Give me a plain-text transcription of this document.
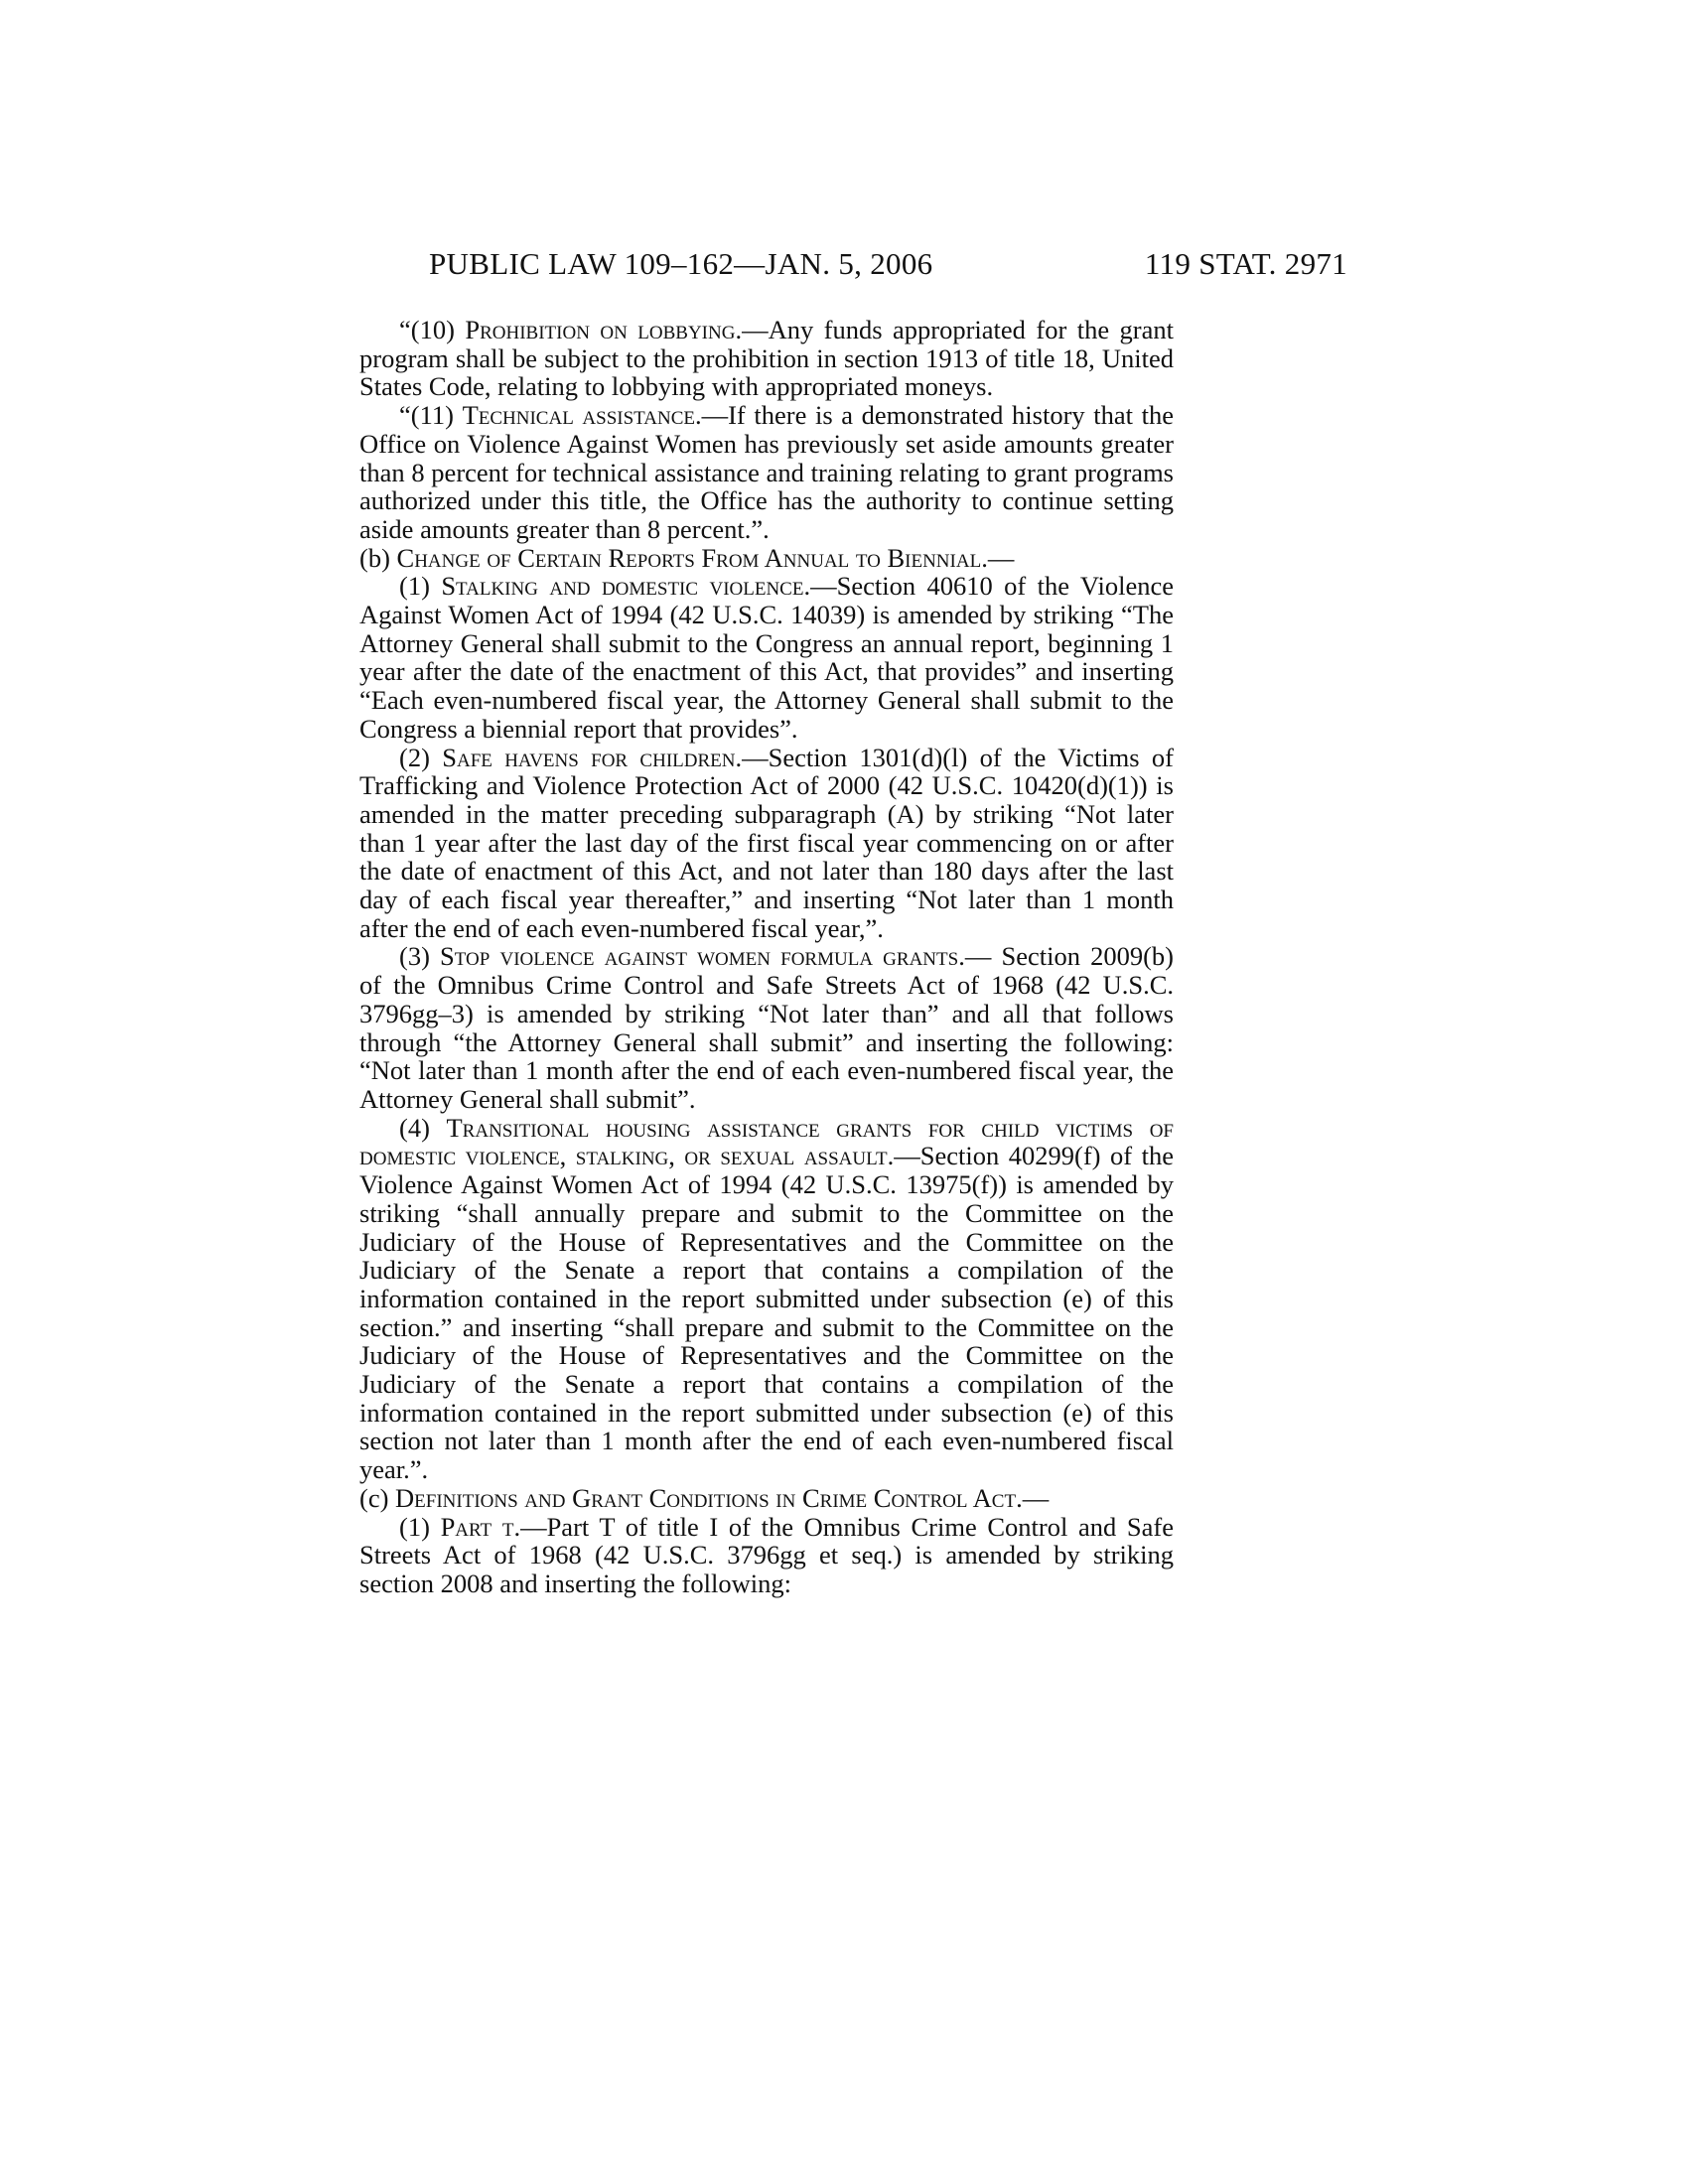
PUBLIC LAW 109–162—JAN. 5, 2006	119 STAT. 2971

“(10) Prohibition on lobbying.—Any funds appropriated for the grant program shall be subject to the prohibition in section 1913 of title 18, United States Code, relating to lobbying with appropriated moneys.

“(11) Technical assistance.—If there is a demonstrated history that the Office on Violence Against Women has previously set aside amounts greater than 8 percent for technical assistance and training relating to grant programs authorized under this title, the Office has the authority to continue setting aside amounts greater than 8 percent.”.

(b) Change of Certain Reports From Annual to Biennial.—

(1) Stalking and domestic violence.—Section 40610 of the Violence Against Women Act of 1994 (42 U.S.C. 14039) is amended by striking “The Attorney General shall submit to the Congress an annual report, beginning 1 year after the date of the enactment of this Act, that provides” and inserting “Each even-numbered fiscal year, the Attorney General shall submit to the Congress a biennial report that provides”.

(2) Safe havens for children.—Section 1301(d)(l) of the Victims of Trafficking and Violence Protection Act of 2000 (42 U.S.C. 10420(d)(1)) is amended in the matter preceding subparagraph (A) by striking “Not later than 1 year after the last day of the first fiscal year commencing on or after the date of enactment of this Act, and not later than 180 days after the last day of each fiscal year thereafter,” and inserting “Not later than 1 month after the end of each even-numbered fiscal year,”.

(3) Stop violence against women formula grants.— Section 2009(b) of the Omnibus Crime Control and Safe Streets Act of 1968 (42 U.S.C. 3796gg–3) is amended by striking “Not later than” and all that follows through “the Attorney General shall submit” and inserting the following: “Not later than 1 month after the end of each even-numbered fiscal year, the Attorney General shall submit”.

(4) Transitional housing assistance grants for child victims of domestic violence, stalking, or sexual assault.—Section 40299(f) of the Violence Against Women Act of 1994 (42 U.S.C. 13975(f)) is amended by striking “shall annually prepare and submit to the Committee on the Judiciary of the House of Representatives and the Committee on the Judiciary of the Senate a report that contains a compilation of the information contained in the report submitted under subsection (e) of this section.” and inserting “shall prepare and submit to the Committee on the Judiciary of the House of Representatives and the Committee on the Judiciary of the Senate a report that contains a compilation of the information contained in the report submitted under subsection (e) of this section not later than 1 month after the end of each even-numbered fiscal year.”.

(c) Definitions and Grant Conditions in Crime Control Act.—

(1) Part t.—Part T of title I of the Omnibus Crime Control and Safe Streets Act of 1968 (42 U.S.C. 3796gg et seq.) is amended by striking section 2008 and inserting the following:
